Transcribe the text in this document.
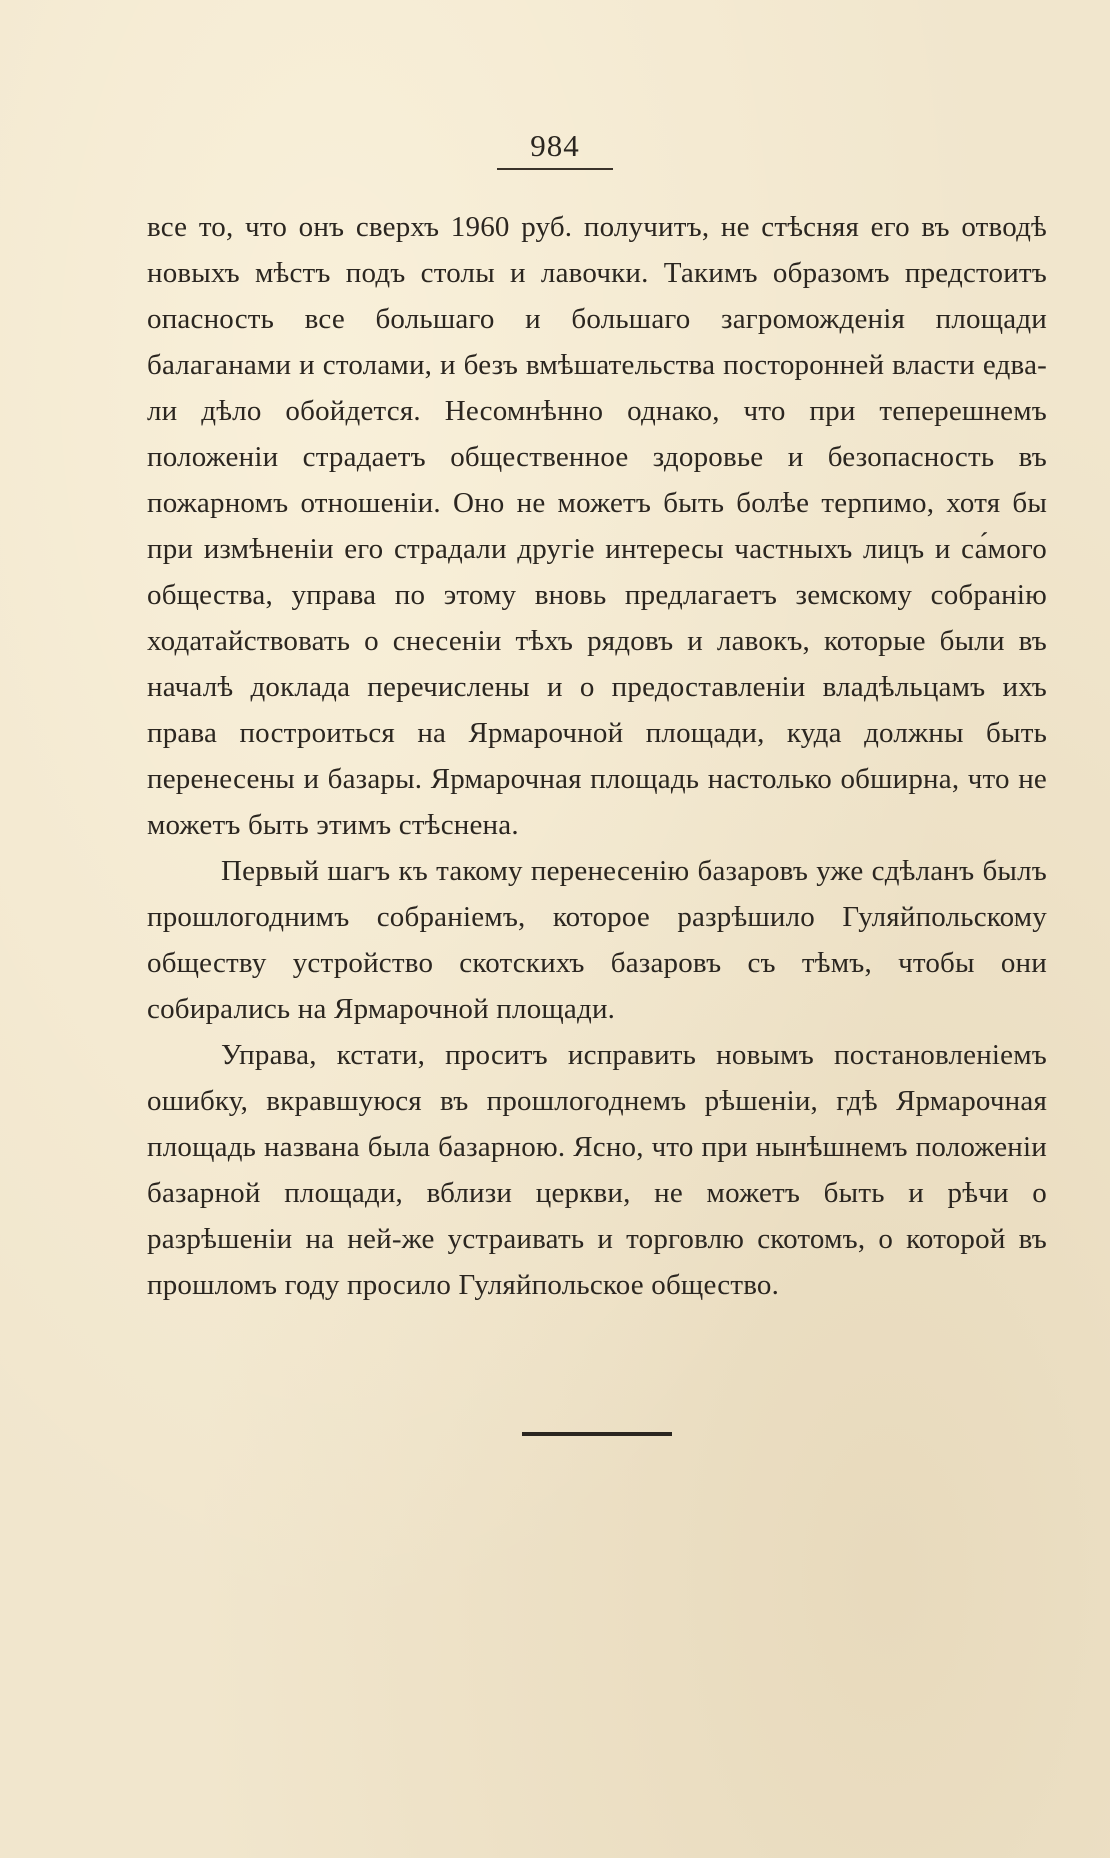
984

все то, что онъ сверхъ 1960 руб. получитъ, не стѣсняя его въ отводѣ новыхъ мѣстъ подъ столы и лавочки. Такимъ образомъ предстоитъ опасность все большаго и большаго загроможденія площади балаганами и столами, и безъ вмѣшательства посторонней власти едва-ли дѣло обойдется. Несомнѣнно однако, что при теперешнемъ положеніи страдаетъ общественное здоровье и безопасность въ пожарномъ отношеніи. Оно не можетъ быть болѣе терпимо, хотя бы при измѣненіи его страдали другіе интересы частныхъ лицъ и са́мого общества, управа по этому вновь предлагаетъ земскому собранію ходатайствовать о снесеніи тѣхъ рядовъ и лавокъ, которые были въ началѣ доклада перечислены и о предоставленіи владѣльцамъ ихъ права построиться на Ярмарочной площади, куда должны быть перенесены и базары. Ярмарочная площадь настолько обширна, что не можетъ быть этимъ стѣснена.

Первый шагъ къ такому перенесенію базаровъ уже сдѣланъ былъ прошлогоднимъ собраніемъ, которое разрѣшило Гуляйпольскому обществу устройство скотскихъ базаровъ съ тѣмъ, чтобы они собирались на Ярмарочной площади.

Управа, кстати, проситъ исправить новымъ постановленіемъ ошибку, вкравшуюся въ прошлогоднемъ рѣшеніи, гдѣ Ярмарочная площадь названа была базарною. Ясно, что при нынѣшнемъ положеніи базарной площади, вблизи церкви, не можетъ быть и рѣчи о разрѣшеніи на ней-же устраивать и торговлю скотомъ, о которой въ прошломъ году просило Гуляйпольское общество.
